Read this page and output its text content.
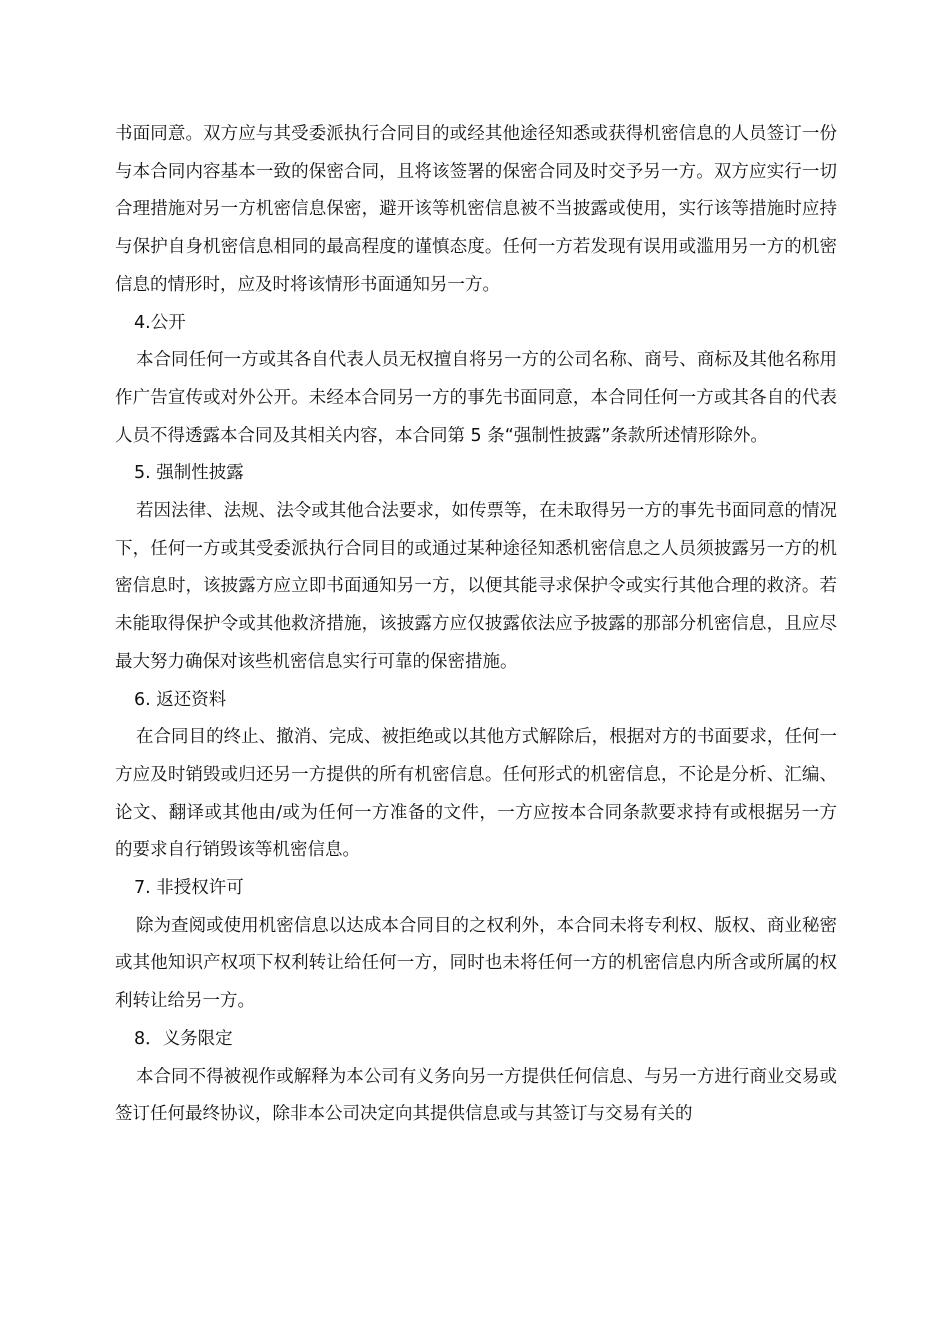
书面同意。双方应与其受委派执行合同目的或经其他途径知悉或获得机密信息的人员签订一份与本合同内容基本一致的保密合同，且将该签署的保密合同及时交予另一方。双方应实行一切合理措施对另一方机密信息保密，避开该等机密信息被不当披露或使用，实行该等措施时应持与保护自身机密信息相同的最高程度的谨慎态度。任何一方若发现有误用或滥用另一方的机密信息的情形时，应及时将该情形书面通知另一方。

4.公开

本合同任何一方或其各自代表人员无权擅自将另一方的公司名称、商号、商标及其他名称用作广告宣传或对外公开。未经本合同另一方的事先书面同意，本合同任何一方或其各自的代表人员不得透露本合同及其相关内容，本合同第 5 条“强制性披露”条款所述情形除外。

5. 强制性披露

若因法律、法规、法令或其他合法要求，如传票等，在未取得另一方的事先书面同意的情况下，任何一方或其受委派执行合同目的或通过某种途径知悉机密信息之人员须披露另一方的机密信息时，该披露方应立即书面通知另一方，以便其能寻求保护令或实行其他合理的救济。若未能取得保护令或其他救济措施，该披露方应仅披露依法应予披露的那部分机密信息，且应尽最大努力确保对该些机密信息实行可靠的保密措施。

6. 返还资料

在合同目的终止、撤消、完成、被拒绝或以其他方式解除后，根据对方的书面要求，任何一方应及时销毁或归还另一方提供的所有机密信息。任何形式的机密信息，不论是分析、汇编、论文、翻译或其他由/或为任何一方准备的文件，一方应按本合同条款要求持有或根据另一方的要求自行销毁该等机密信息。

7. 非授权许可

除为查阅或使用机密信息以达成本合同目的之权利外，本合同未将专利权、版权、商业秘密或其他知识产权项下权利转让给任何一方，同时也未将任何一方的机密信息内所含或所属的权利转让给另一方。

8．义务限定

本合同不得被视作或解释为本公司有义务向另一方提供任何信息、与另一方进行商业交易或签订任何最终协议，除非本公司决定向其提供信息或与其签订与交易有关的
